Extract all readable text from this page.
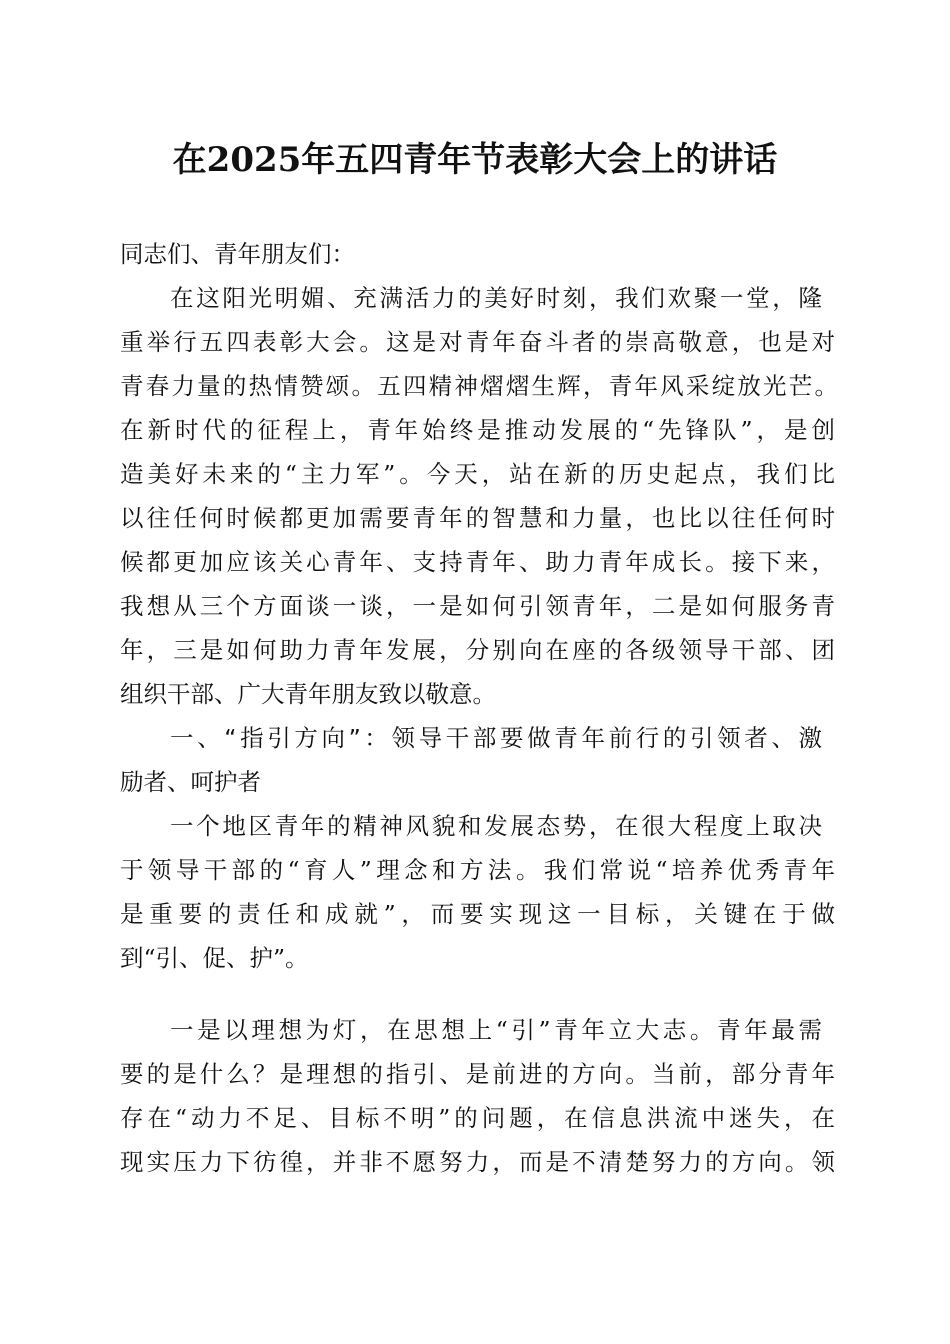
在2025年五四青年节表彰大会上的讲话
同志们、青年朋友们：
在这阳光明媚、充满活力的美好时刻，我们欢聚一堂，隆
重举行五四表彰大会。这是对青年奋斗者的崇高敬意，也是对
青春力量的热情赞颂。五四精神熠熠生辉，青年风采绽放光芒。
在新时代的征程上，青年始终是推动发展的“先锋队”，是创
造美好未来的“主力军”。今天，站在新的历史起点，我们比
以往任何时候都更加需要青年的智慧和力量，也比以往任何时
候都更加应该关心青年、支持青年、助力青年成长。接下来，
我想从三个方面谈一谈，一是如何引领青年，二是如何服务青
年，三是如何助力青年发展，分别向在座的各级领导干部、团
组织干部、广大青年朋友致以敬意。
一、“指引方向”：领导干部要做青年前行的引领者、激
励者、呵护者
一个地区青年的精神风貌和发展态势，在很大程度上取决
于领导干部的“育人”理念和方法。我们常说“培养优秀青年
是重要的责任和成就”，而要实现这一目标，关键在于做
到“引、促、护”。
一是以理想为灯，在思想上“引”青年立大志。青年最需
要的是什么？是理想的指引、是前进的方向。当前，部分青年
存在“动力不足、目标不明”的问题，在信息洪流中迷失，在
现实压力下彷徨，并非不愿努力，而是不清楚努力的方向。领
